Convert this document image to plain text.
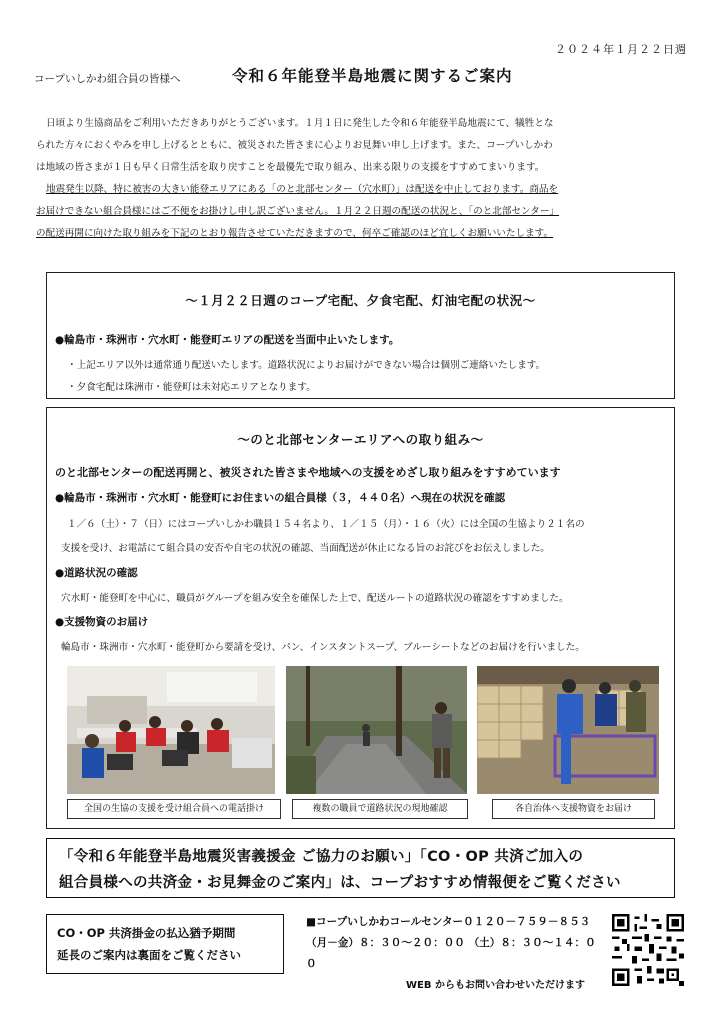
２０２４年１月２２日週
コープいしかわ組合員の皆様へ	令和６年能登半島地震に関するご案内

日頃より生協商品をご利用いただきありがとうございます。１月１日に発生した令和６年能登半島地震にて、犠牲とな

られた方々におくやみを申し上げるとともに、被災された皆さまに心よりお見舞い申し上げます。また、コープいしかわ

は地域の皆さまが１日も早く日常生活を取り戻すことを最優先で取り組み、出来る限りの支援をすすめてまいります。

地震発生以降、特に被害の大きい能登エリアにある「のと北部センター（穴水町）」は配送を中止しております。商品を

お届けできない組合員様にはご不便をお掛けし申し訳ございません。１月２２日週の配送の状況と、「のと北部センター」

の配送再開に向けた取り組みを下記のとおり報告させていただきますので、何卒ご確認のほど宜しくお願いいたします。

～１月２２日週のコープ宅配、夕食宅配、灯油宅配の状況～
●輪島市・珠洲市・穴水町・能登町エリアの配送を当面中止いたします。
・上記エリア以外は通常通り配送いたします。道路状況によりお届けができない場合は個別ご連絡いたします。
・夕食宅配は珠洲市・能登町は未対応エリアとなります。
～のと北部センターエリアへの取り組み～
のと北部センターの配送再開と、被災された皆さまや地域への支援をめざし取り組みをすすめています
●輪島市・珠洲市・穴水町・能登町にお住まいの組合員様（３，４４０名）へ現在の状況を確認
１／６（土）・７（日）にはコープいしかわ職員１５４名より、１／１５（月）・１６（火）には全国の生協より２１名の
支援を受け、お電話にて組合員の安否や自宅の状況の確認、当面配送が休止になる旨のお詫びをお伝えしました。
●道路状況の確認
穴水町・能登町を中心に、職員がグループを組み安全を確保した上で、配送ルートの道路状況の確認をすすめました。
●支援物資のお届け
輪島市・珠洲市・穴水町・能登町から要請を受け、パン、インスタントスープ、ブルーシートなどのお届けを行いました。
全国の生協の支援を受け組合員への電話掛け	複数の職員で道路状況の現地確認	各自治体へ支援物資をお届け
「令和６年能登半島地震災害義援金 ご協力のお願い」「CO・OP 共済ご加入の
組合員様への共済金・お見舞金のご案内」は、コープおすすめ情報便をご覧ください
CO・OP 共済掛金の払込猶予期間
延長のご案内は裏面をご覧ください
■コープいしかわコールセンター０１２０－７５９－８５３
（月－金）８：３０～２０：００ （土）８：３０～１４：００
WEB からもお問い合わせいただけます
